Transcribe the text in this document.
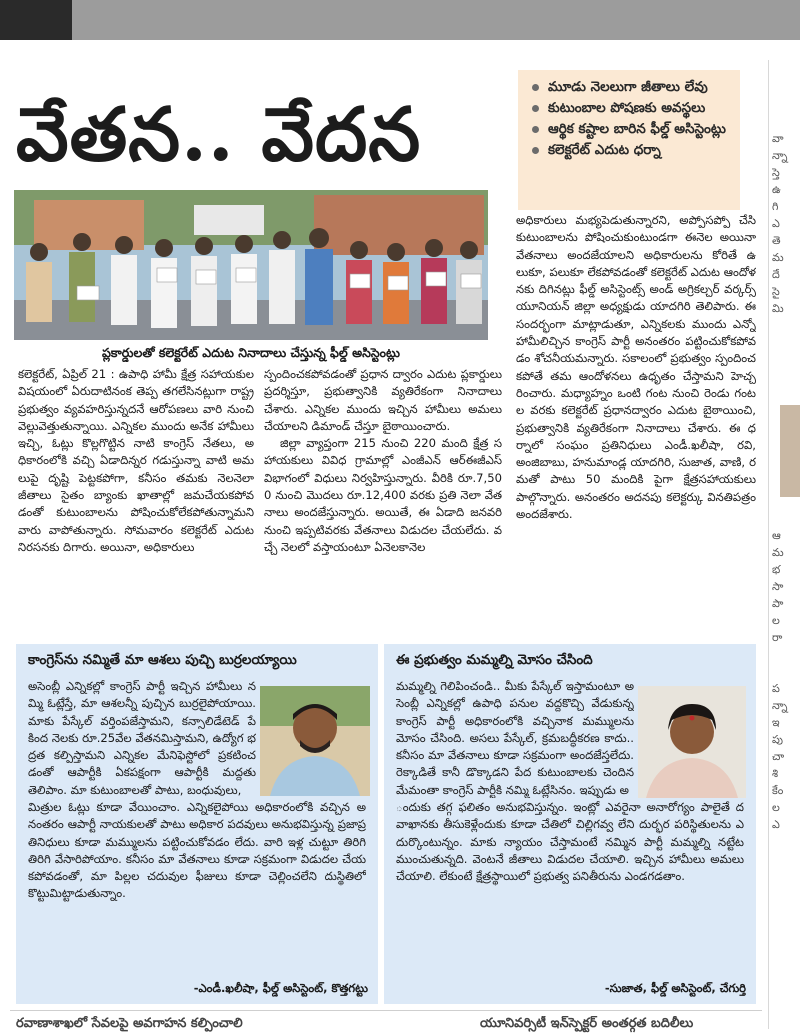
వా
న్నా
స్తె
ఉ
గి
ఎ
తె
మ
దే
సై
మి
ఆ
మ
భ
సా
పా
ల
రా

ప
న్నా
ఇ
పు
చా
శి
కేం
ల
ఎ
వేతన.. వేదన
మూడు నెలలుగా జీతాలు లేవు
కుటుంబాల పోషణకు అవస్థలు
ఆర్థిక కష్టాల బారిన ఫీల్డ్ అసిస్టెంట్లు
కలెక్టరేట్ ఎదుట ధర్నా
ప్లకార్డులతో కలెక్టరేట్ ఎదుట నినాదాలు చేస్తున్న ఫీల్డ్ అసిస్టెంట్లు

కలెక్టరేట్, ఏప్రిల్ 21 : ఉపాధి హామీ క్షేత్ర సహాయకుల విషయంలో ఏరుదాటినంక తెప్ప తగలేసినట్లుగా రాష్ట్ర ప్రభుత్వం వ్యవహరిస్తున్నదనే ఆరోపణలు వారి నుంచి వెల్లువెత్తుతున్నాయి. ఎన్నికల ముందు అనేక హామీలు ఇచ్చి, ఓట్లు కొల్లగొట్టిన నాటి కాంగ్రెస్ నేతలు, అధికారంలోకి వచ్చి ఏడాదిన్నర గడుస్తున్నా వాటి అమలుపై దృష్టి పెట్టకపోగా, కనీసం తమకు నెలనెలా జీతాలు సైతం బ్యాంకు ఖాతాల్లో జమచేయకపోవడంతో కుటుంబాలను పోషించుకోలేకపోతున్నామని వారు వాపోతున్నారు. సోమవారం కలెక్టరేట్ ఎదుట నిరసనకు దిగారు. అయినా, అధికారులు

స్పందించకపోవడంతో ప్రధాన ద్వారం ఎదుట ప్లకార్డులు ప్రదర్శిస్తూ, ప్రభుత్వానికి వ్యతిరేకంగా నినాదాలు చేశారు. ఎన్నికల ముందు ఇచ్చిన హామీలు అమలు చేయాలని డిమాండ్ చేస్తూ బైఠాయించారు.

జిల్లా వ్యాప్తంగా 215 నుంచి 220 మంది క్షేత్ర సహాయకులు వివిధ గ్రామాల్లో ఎంజీఎన్ ఆర్ఈజీఎస్ విభాగంలో విధులు నిర్వహిస్తున్నారు. వీరికి రూ.7,500 నుంచి మొదలు రూ.12,400 వరకు ప్రతి నెలా వేతనాలు అందజేస్తున్నారు. అయితే, ఈ ఏడాది జనవరి నుంచి ఇప్పటివరకు వేతనాలు విడుదల చేయలేదు. వచ్చే నెలలో వస్తాయంటూ ఏనెలకానెల

అధికారులు మభ్యపెడుతున్నారని, అప్పోసప్పో చేసి కుటుంబాలను పోషించుకుంటుండగా ఈనెల అయినా వేతనాలు అందజేయాలని అధికారులను కోరితే ఉలుకూ, పలుకూ లేకపోవడంతో కలెక్టరేట్ ఎదుట ఆందోళనకు దిగినట్లు ఫీల్డ్ అసిస్టెంట్స్ అండ్ అగ్రికల్చర్ వర్కర్స్ యూనియన్ జిల్లా అధ్యక్షుడు యాదగిరి తెలిపారు. ఈ సందర్భంగా మాట్లాడుతూ, ఎన్నికలకు ముందు ఎన్నో హామీలిచ్చిన కాంగ్రెస్ పార్టీ అనంతరం పట్టించుకోకపోవడం శోచనీయమన్నారు. సకాలంలో ప్రభుత్వం స్పందించకపోతే తమ ఆందోళనలు ఉధృతం చేస్తామని హెచ్చరించారు. మధ్యాహ్నం ఒంటి గంట నుంచి రెండు గంటల వరకు కలెక్టరేట్ ప్రధానద్వారం ఎదుట బైఠాయించి, ప్రభుత్వానికి వ్యతిరేకంగా నినాదాలు చేశారు. ఈ ధర్నాలో సంఘం ప్రతినిధులు ఎండీ.ఖలీషా, రవి, అంజిబాబు, హనుమాండ్ల యాదగిరి, సుజాత, వాణి, రమతో పాటు 50 మందికి పైగా క్షేత్రసహాయకులు పాల్గొన్నారు. అనంతరం అదనపు కలెక్టర్కు వినతిపత్రం అందజేశారు.

కాంగ్రెస్‌ను నమ్మితే మా ఆశలు పుచ్చి బుర్రలయ్యాయి

అసెంబ్లీ ఎన్నికల్లో కాంగ్రెస్ పార్టీ ఇచ్చిన హామీలు నమ్మి ఓట్లేస్తే, మా ఆశలన్నీ పుచ్చిన బుర్రలైపోయాయి. మాకు పేస్కేల్ వర్తింపజేస్తామని, కన్సాలిడేటెడ్ పే కింద నెలకు రూ.25వేల వేతనమిస్తామని, ఉద్యోగ భద్రత కల్పిస్తామని ఎన్నికల మేనిఫెస్టోలో ప్రకటించడంతో ఆపార్టీకి ఏకపక్షంగా ఆపార్టీకి మద్దతు తెలిపాం. మా కుటుంబాలతో పాటు, బంధువులు,

-ఎండీ.ఖలీషా, ఫీల్డ్ అసిస్టెంట్, కొత్తగట్టు

మిత్రుల ఓట్లు కూడా వేయించాం. ఎన్నికలైపోయి అధికారంలోకి వచ్చిన అనంతరం ఆపార్టీ నాయకులతో పాటు అధికార పదవులు అనుభవిస్తున్న ప్రజాప్రతినిధులు కూడా మమ్ములను పట్టించుకోవడం లేదు. వారి ఇళ్ల చుట్టూ తిరిగి తిరిగి వేసారిపోయాం. కనీసం మా వేతనాలు కూడా సక్రమంగా విడుదల చేయకపోవడంతో, మా పిల్లల చదువుల ఫీజులు కూడా చెల్లించలేని దుస్థితిలో కొట్టుమిట్టాడుతున్నాం.

ఈ ప్రభుత్వం మమ్మల్ని మోసం చేసింది

మమ్మల్ని గెలిపించండి.. మీకు పేస్కేల్ ఇస్తామంటూ అసెంబ్లీ ఎన్నికల్లో ఉపాధి పనుల వద్దకొచ్చి వేడుకున్న కాంగ్రెస్ పార్టీ అధికారంలోకి వచ్చినాక మమ్ములను మోసం చేసింది. అసలు పేస్కేల్, క్రమబద్ధీకరణ కాదు.. కనీసం మా వేతనాలు కూడా సక్రమంగా అందజేస్తలేదు. రెక్కాడితే కానీ డొక్కాడని పేద కుటుంబాలకు చెందిన మేమంతా కాంగ్రెస్ పార్టీకి నమ్మి ఓట్లేసినం. ఇప్పుడు అ

-సుజాత, ఫీల్డ్ అసిస్టెంట్, చేగుర్తి

ందుకు తగ్గ ఫలితం అనుభవిస్తున్నం. ఇంట్లో ఎవరైనా అనారోగ్యం పాలైతే దవాఖానకు తీసుకెళ్లేందుకు కూడా చేతిలో చిల్లిగవ్వ లేని దుర్భర పరిస్థితులను ఎదుర్కొంటున్నం. మాకు న్యాయం చేస్తామంటే నమ్మిన పార్టీ మమ్మల్ని నట్టేట ముంచుతున్నది. వెంటనే జీతాలు విడుదల చేయాలి. ఇచ్చిన హామీలు అమలు చేయాలి. లేకుంటే క్షేత్రస్థాయిలో ప్రభుత్వ పనితీరును ఎండగడతాం.

రవాణాశాఖలో సేవలపై అవగాహన కల్పించాలి	యూనివర్సిటీ ఇన్‌స్పెక్టర్ అంతర్గత బదిలీలు
